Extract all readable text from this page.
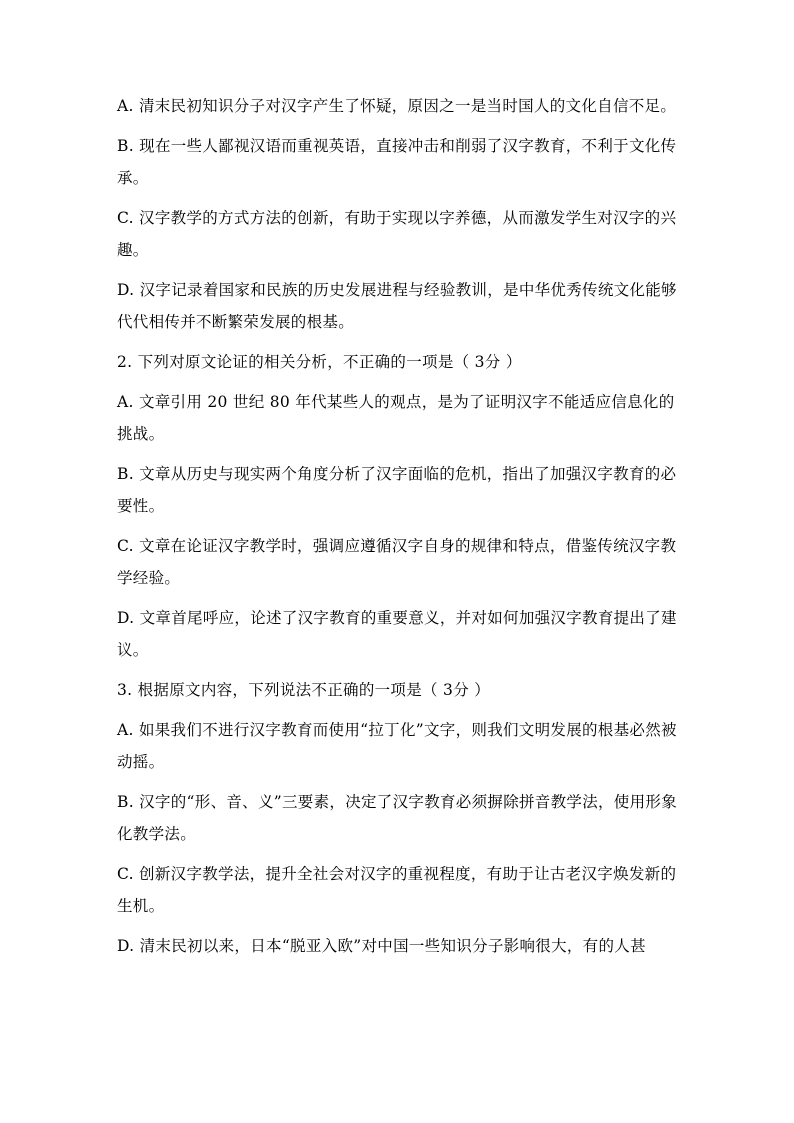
A. 清末民初知识分子对汉字产生了怀疑，原因之一是当时国人的文化自信不足。

B. 现在一些人鄙视汉语而重视英语，直接冲击和削弱了汉字教育，不利于文化传承。

C. 汉字教学的方式方法的创新，有助于实现以字养德，从而激发学生对汉字的兴趣。

D. 汉字记录着国家和民族的历史发展进程与经验教训，是中华优秀传统文化能够代代相传并不断繁荣发展的根基。

2. 下列对原文论证的相关分析，不正确的一项是（ 3分 ）

A. 文章引用 20 世纪 80 年代某些人的观点，是为了证明汉字不能适应信息化的挑战。

B. 文章从历史与现实两个角度分析了汉字面临的危机，指出了加强汉字教育的必要性。

C. 文章在论证汉字教学时，强调应遵循汉字自身的规律和特点，借鉴传统汉字教学经验。

D. 文章首尾呼应，论述了汉字教育的重要意义，并对如何加强汉字教育提出了建议。

3. 根据原文内容，下列说法不正确的一项是（ 3分 ）

A. 如果我们不进行汉字教育而使用“拉丁化”文字，则我们文明发展的根基必然被动摇。

B. 汉字的“形、音、义”三要素，决定了汉字教育必须摒除拼音教学法，使用形象化教学法。

C. 创新汉字教学法，提升全社会对汉字的重视程度，有助于让古老汉字焕发新的生机。

D. 清末民初以来，日本“脱亚入欧”对中国一些知识分子影响很大，有的人甚
